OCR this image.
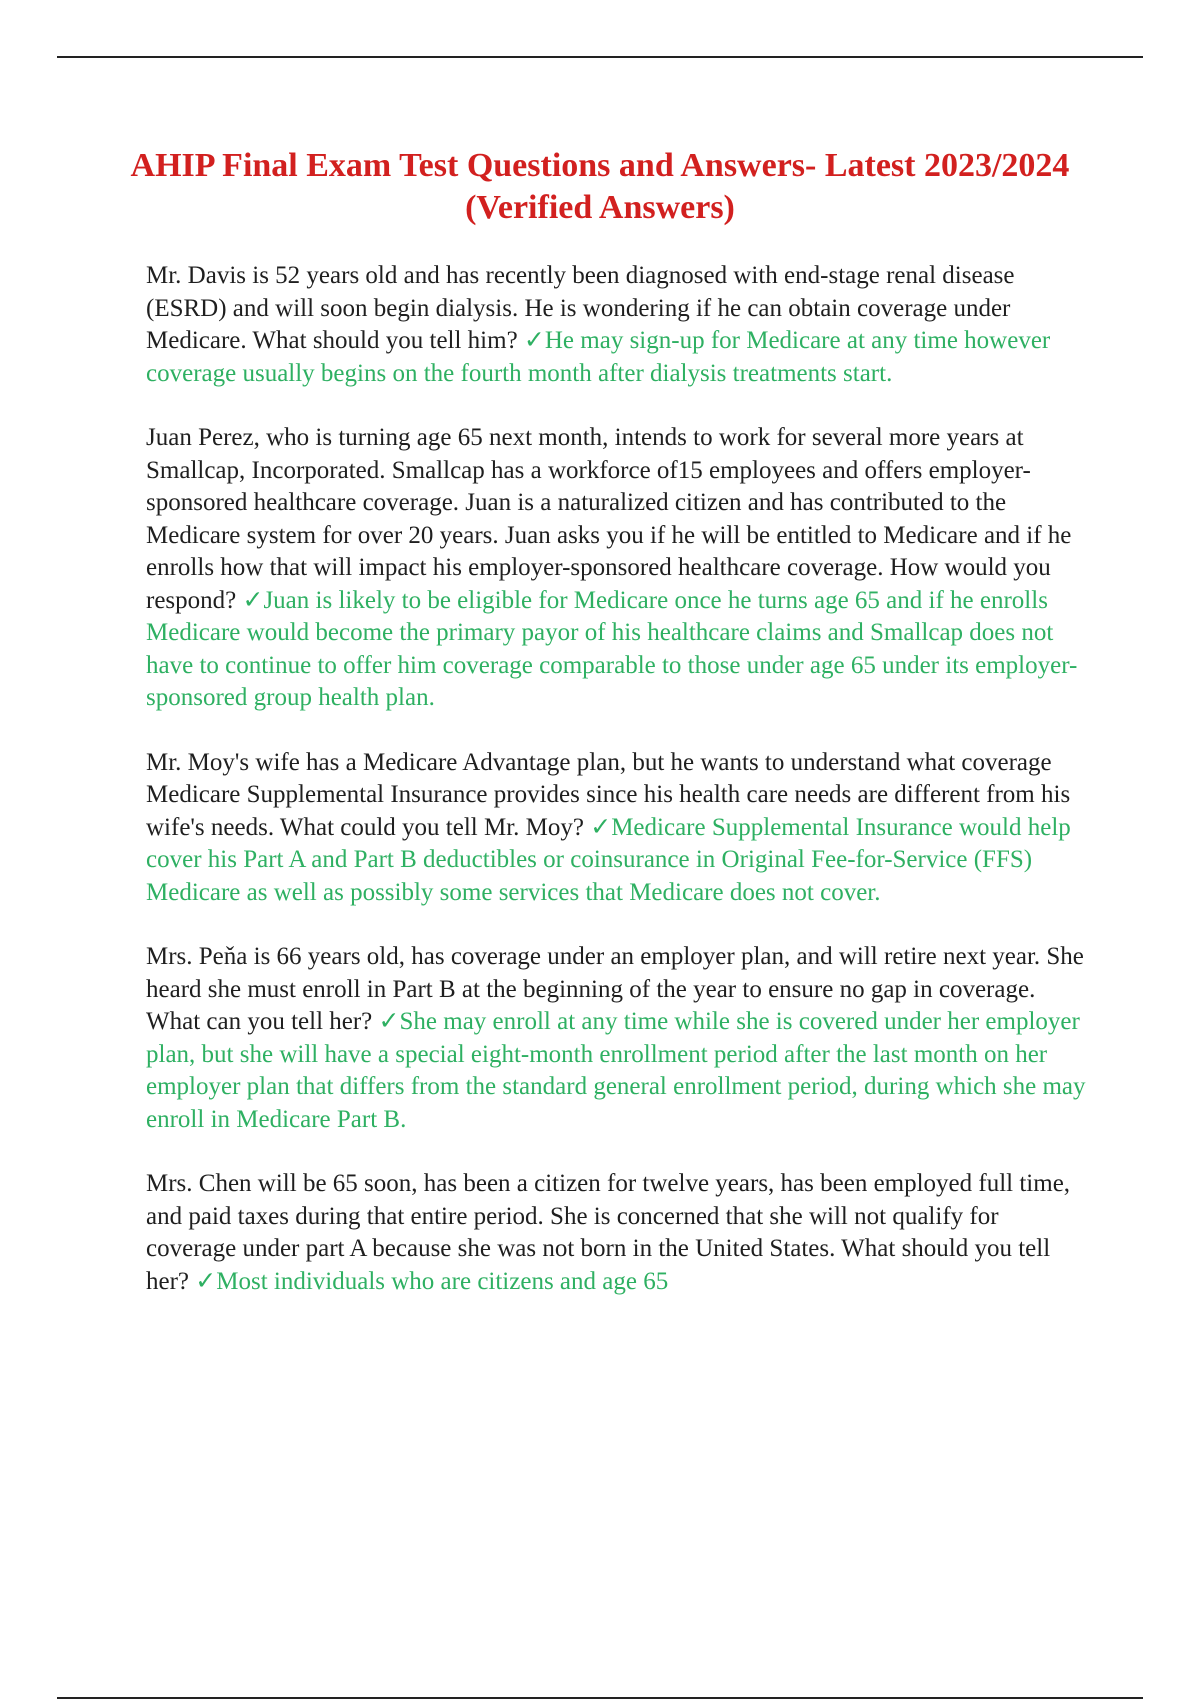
AHIP Final Exam Test Questions and Answers- Latest 2023/2024 (Verified Answers)

Mr. Davis is 52 years old and has recently been diagnosed with end-stage renal disease (ESRD) and will soon begin dialysis. He is wondering if he can obtain coverage under Medicare. What should you tell him? ✓He may sign-up for Medicare at any time however coverage usually begins on the fourth month after dialysis treatments start.

Juan Perez, who is turning age 65 next month, intends to work for several more years at Smallcap, Incorporated. Smallcap has a workforce of15 employees and offers employer-sponsored healthcare coverage. Juan is a naturalized citizen and has contributed to the Medicare system for over 20 years. Juan asks you if he will be entitled to Medicare and if he enrolls how that will impact his employer-sponsored healthcare coverage. How would you respond? ✓Juan is likely to be eligible for Medicare once he turns age 65 and if he enrolls Medicare would become the primary payor of his healthcare claims and Smallcap does not have to continue to offer him coverage comparable to those under age 65 under its employer-sponsored group health plan.

Mr. Moy's wife has a Medicare Advantage plan, but he wants to understand what coverage Medicare Supplemental Insurance provides since his health care needs are different from his wife's needs. What could you tell Mr. Moy? ✓Medicare Supplemental Insurance would help cover his Part A and Part B deductibles or coinsurance in Original Fee-for-Service (FFS) Medicare as well as possibly some services that Medicare does not cover.

Mrs. Peňa is 66 years old, has coverage under an employer plan, and will retire next year. She heard she must enroll in Part B at the beginning of the year to ensure no gap in coverage. What can you tell her? ✓She may enroll at any time while she is covered under her employer plan, but she will have a special eight-month enrollment period after the last month on her employer plan that differs from the standard general enrollment period, during which she may enroll in Medicare Part B.

Mrs. Chen will be 65 soon, has been a citizen for twelve years, has been employed full time, and paid taxes during that entire period. She is concerned that she will not qualify for coverage under part A because she was not born in the United States. What should you tell her? ✓Most individuals who are citizens and age 65
